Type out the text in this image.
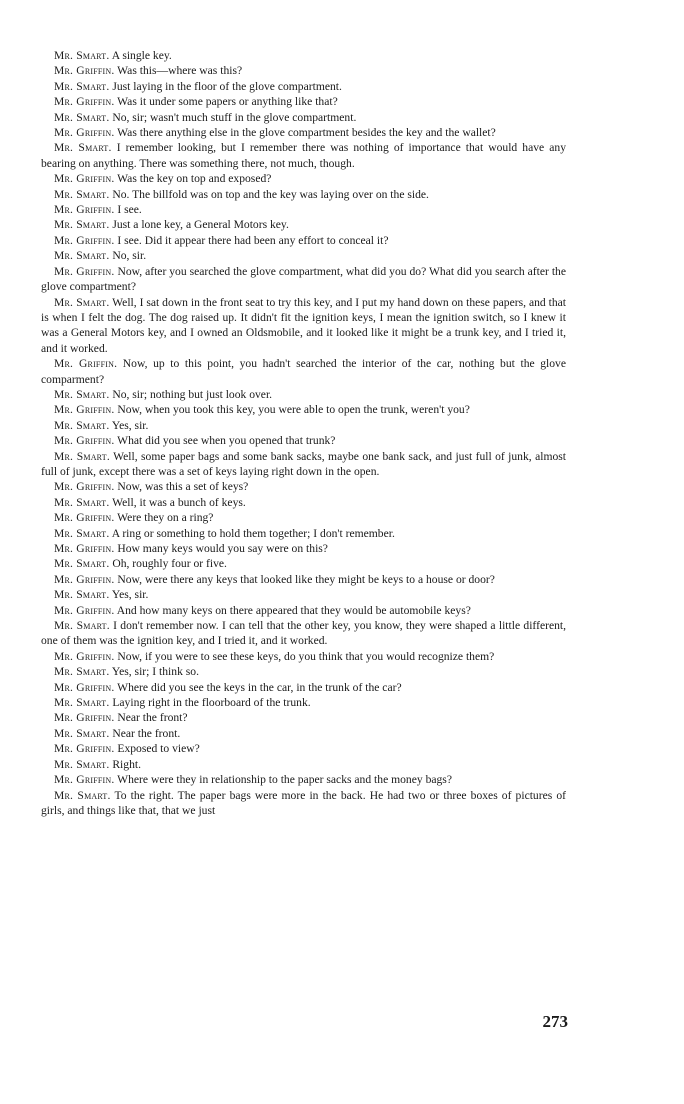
Mr. Smart. A single key.

Mr. Griffin. Was this—where was this?

Mr. Smart. Just laying in the floor of the glove compartment.

Mr. Griffin. Was it under some papers or anything like that?

Mr. Smart. No, sir; wasn't much stuff in the glove compartment.

Mr. Griffin. Was there anything else in the glove compartment besides the key and the wallet?

Mr. Smart. I remember looking, but I remember there was nothing of importance that would have any bearing on anything. There was something there, not much, though.

Mr. Griffin. Was the key on top and exposed?

Mr. Smart. No. The billfold was on top and the key was laying over on the side.

Mr. Griffin. I see.

Mr. Smart. Just a lone key, a General Motors key.

Mr. Griffin. I see. Did it appear there had been any effort to conceal it?

Mr. Smart. No, sir.

Mr. Griffin. Now, after you searched the glove compartment, what did you do? What did you search after the glove compartment?

Mr. Smart. Well, I sat down in the front seat to try this key, and I put my hand down on these papers, and that is when I felt the dog. The dog raised up. It didn't fit the ignition keys, I mean the ignition switch, so I knew it was a General Motors key, and I owned an Oldsmobile, and it looked like it might be a trunk key, and I tried it, and it worked.

Mr. Griffin. Now, up to this point, you hadn't searched the interior of the car, nothing but the glove comparment?

Mr. Smart. No, sir; nothing but just look over.

Mr. Griffin. Now, when you took this key, you were able to open the trunk, weren't you?

Mr. Smart. Yes, sir.

Mr. Griffin. What did you see when you opened that trunk?

Mr. Smart. Well, some paper bags and some bank sacks, maybe one bank sack, and just full of junk, almost full of junk, except there was a set of keys laying right down in the open.

Mr. Griffin. Now, was this a set of keys?

Mr. Smart. Well, it was a bunch of keys.

Mr. Griffin. Were they on a ring?

Mr. Smart. A ring or something to hold them together; I don't remember.

Mr. Griffin. How many keys would you say were on this?

Mr. Smart. Oh, roughly four or five.

Mr. Griffin. Now, were there any keys that looked like they might be keys to a house or door?

Mr. Smart. Yes, sir.

Mr. Griffin. And how many keys on there appeared that they would be automobile keys?

Mr. Smart. I don't remember now. I can tell that the other key, you know, they were shaped a little different, one of them was the ignition key, and I tried it, and it worked.

Mr. Griffin. Now, if you were to see these keys, do you think that you would recognize them?

Mr. Smart. Yes, sir; I think so.

Mr. Griffin. Where did you see the keys in the car, in the trunk of the car?

Mr. Smart. Laying right in the floorboard of the trunk.

Mr. Griffin. Near the front?

Mr. Smart. Near the front.

Mr. Griffin. Exposed to view?

Mr. Smart. Right.

Mr. Griffin. Where were they in relationship to the paper sacks and the money bags?

Mr. Smart. To the right. The paper bags were more in the back. He had two or three boxes of pictures of girls, and things like that, that we just

273
